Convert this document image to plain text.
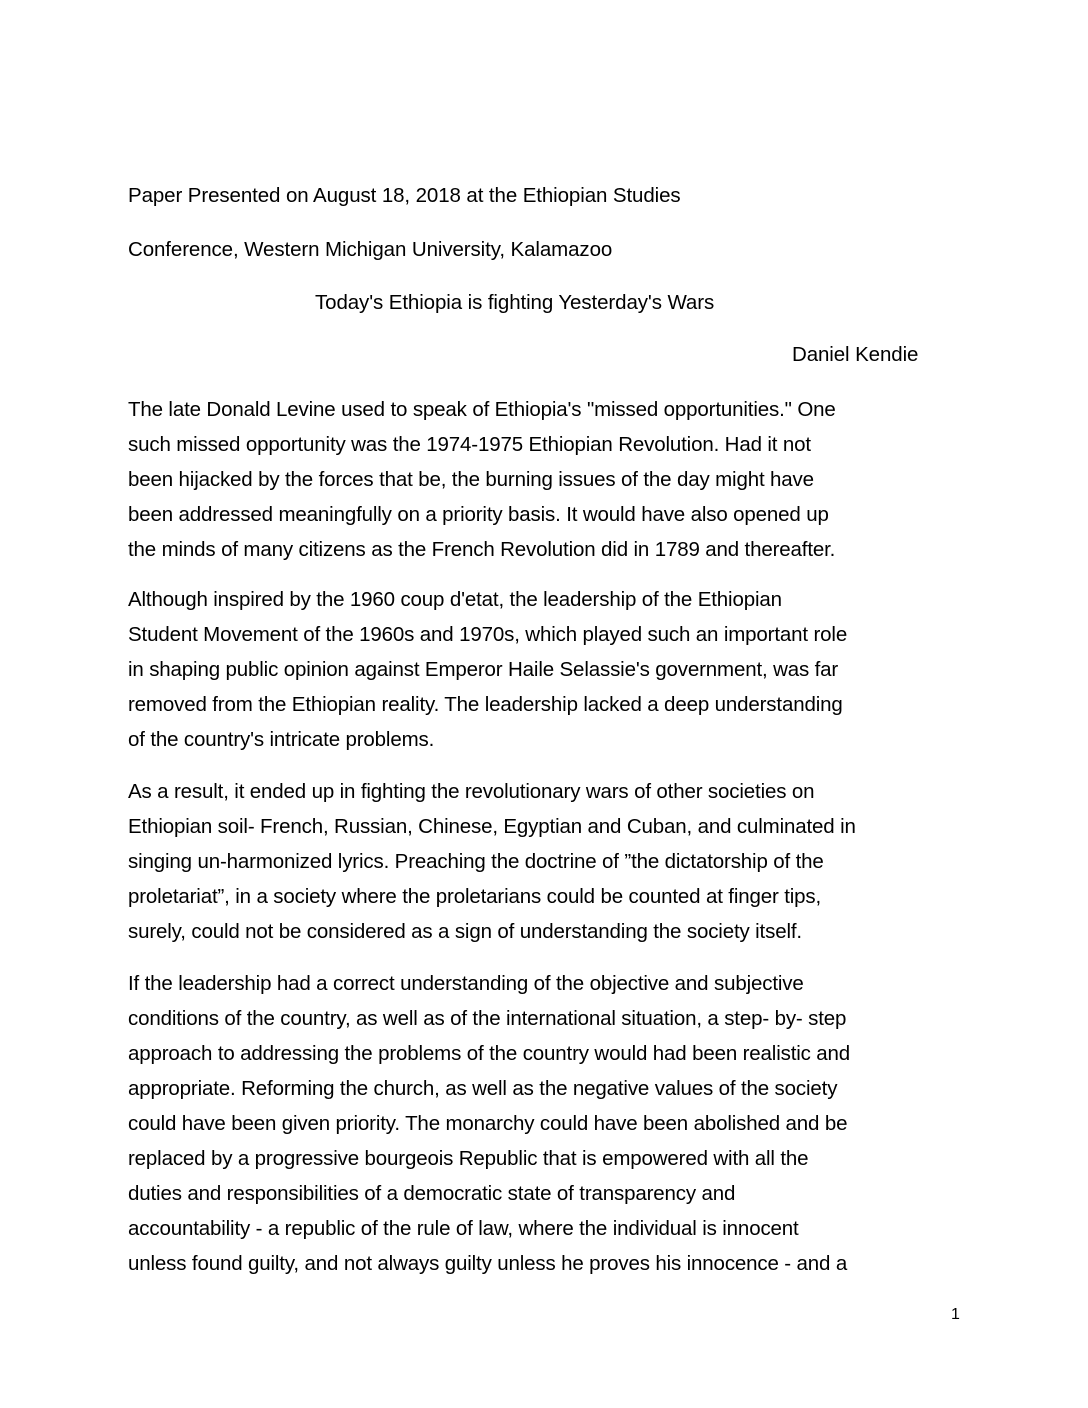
Paper Presented on August 18, 2018 at the Ethiopian Studies
Conference, Western Michigan University, Kalamazoo
Today's Ethiopia is fighting Yesterday's Wars
Daniel Kendie
The late Donald Levine used to speak of Ethiopia's "missed opportunities." One
such missed opportunity was the 1974-1975 Ethiopian Revolution. Had it not
been hijacked by the forces that be, the burning issues of the day might have
been addressed meaningfully on a priority basis. It would have also opened up
the minds of many citizens as the French Revolution did in 1789 and thereafter.
Although inspired by the 1960 coup d'etat, the leadership of the Ethiopian
Student Movement of the 1960s and 1970s, which played such an important role
in shaping public opinion against Emperor Haile Selassie's government, was far
removed from the Ethiopian reality. The leadership lacked a deep understanding
of the country's intricate problems.
As a result, it ended up in fighting the revolutionary wars of other societies on
Ethiopian soil- French, Russian, Chinese, Egyptian and Cuban, and culminated in
singing un-harmonized lyrics. Preaching the doctrine of ”the dictatorship of the
proletariat”, in a society where the proletarians could be counted at finger tips,
surely, could not be considered as a sign of understanding the society itself.
If the leadership had a correct understanding of the objective and subjective
conditions of the country, as well as of the international situation, a step- by- step
approach to addressing the problems of the country would had been realistic and
appropriate. Reforming the church, as well as the negative values of the society
could have been given priority. The monarchy could have been abolished and be
replaced by a progressive bourgeois Republic that is empowered with all the
duties and responsibilities of a democratic state of transparency and
accountability - a republic of the rule of law, where the individual is innocent
unless found guilty, and not always guilty unless he proves his innocence - and a
1
